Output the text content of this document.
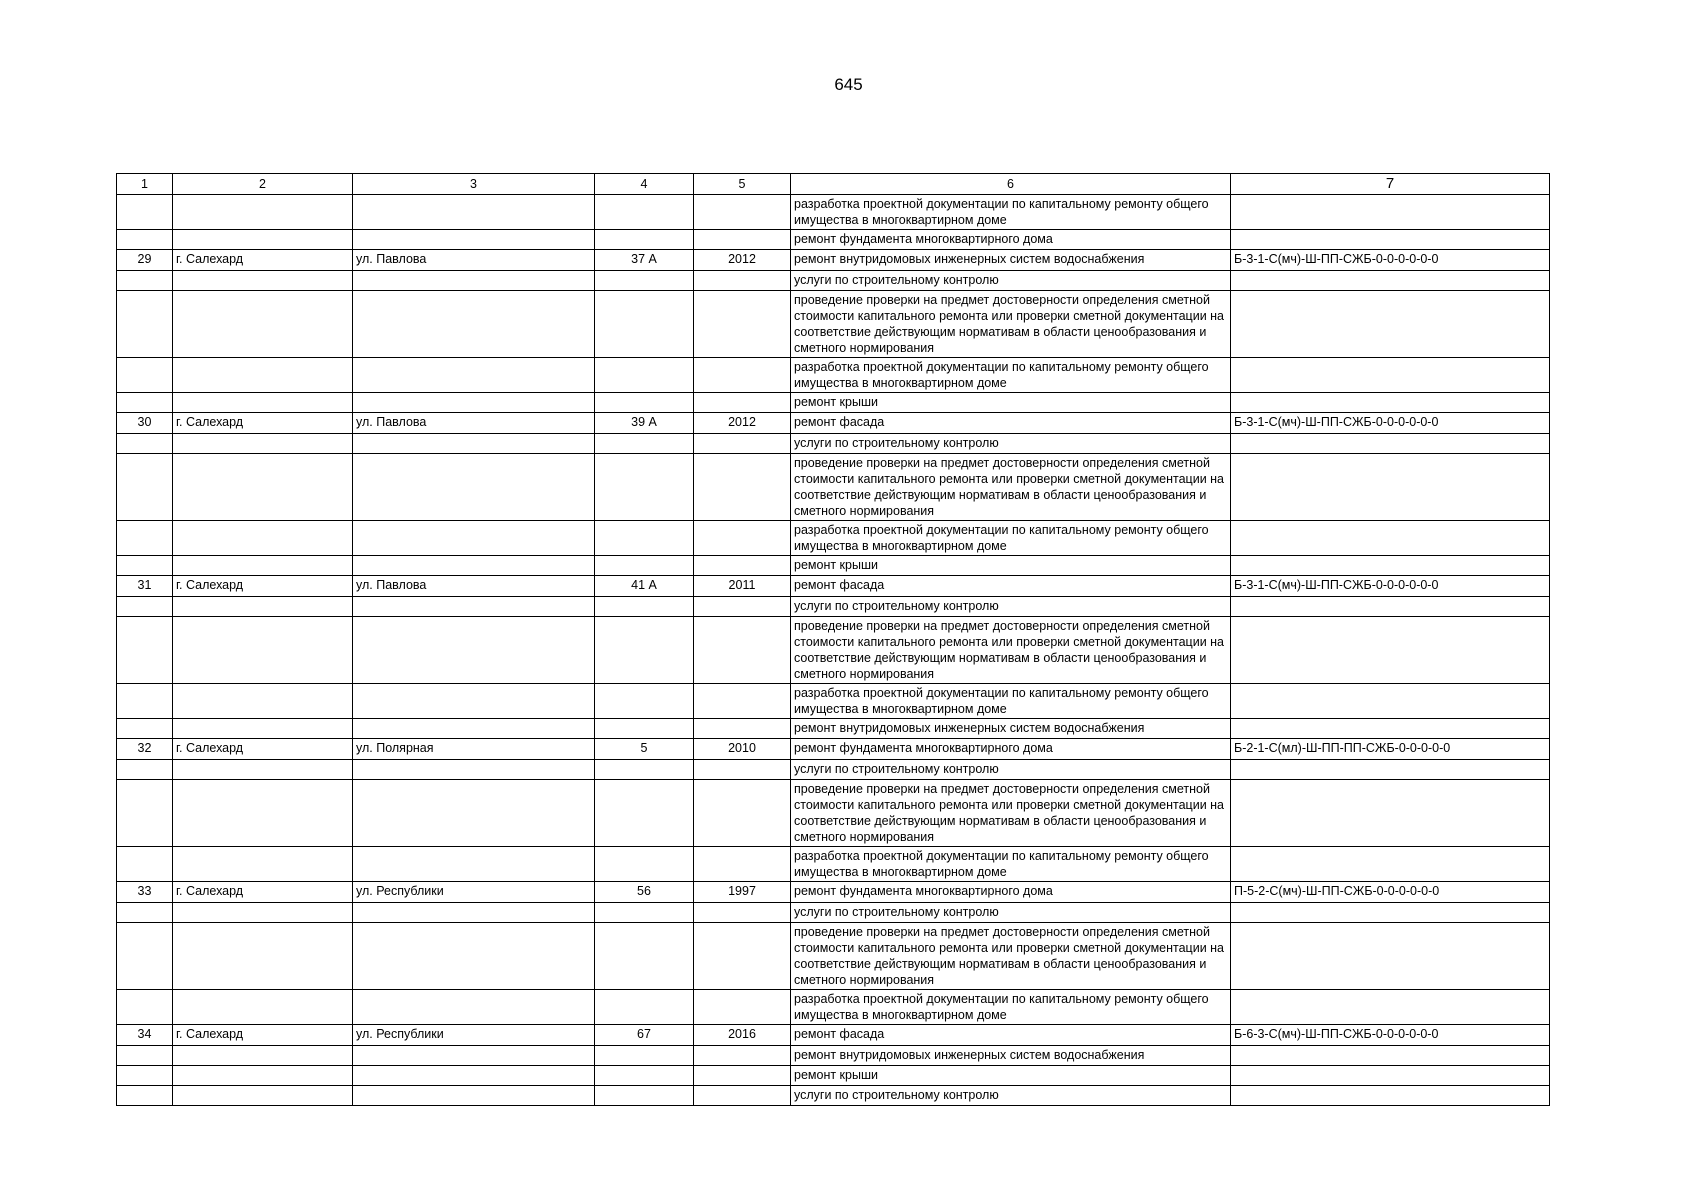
645
1	2	3	4	5	6	7
					разработка проектной документации по капитальному ремонту общего имущества в многоквартирном доме	
					ремонт фундамента многоквартирного дома	
29	г. Салехард	ул. Павлова	37 А	2012	ремонт внутридомовых инженерных систем водоснабжения	Б-3-1-С(мч)-Ш-ПП-СЖБ-0-0-0-0-0-0
					услуги по строительному контролю	
					проведение проверки на предмет достоверности определения сметной стоимости капитального ремонта или проверки сметной документации на соответствие действующим нормативам в области ценообразования и сметного нормирования	
					разработка проектной документации по капитальному ремонту общего имущества в многоквартирном доме	
					ремонт крыши	
30	г. Салехард	ул. Павлова	39 А	2012	ремонт фасада	Б-3-1-С(мч)-Ш-ПП-СЖБ-0-0-0-0-0-0
					услуги по строительному контролю	
					проведение проверки на предмет достоверности определения сметной стоимости капитального ремонта или проверки сметной документации на соответствие действующим нормативам в области ценообразования и сметного нормирования	
					разработка проектной документации по капитальному ремонту общего имущества в многоквартирном доме	
					ремонт крыши	
31	г. Салехард	ул. Павлова	41 А	2011	ремонт фасада	Б-3-1-С(мч)-Ш-ПП-СЖБ-0-0-0-0-0-0
					услуги по строительному контролю	
					проведение проверки на предмет достоверности определения сметной стоимости капитального ремонта или проверки сметной документации на соответствие действующим нормативам в области ценообразования и сметного нормирования	
					разработка проектной документации по капитальному ремонту общего имущества в многоквартирном доме	
					ремонт внутридомовых инженерных систем водоснабжения	
32	г. Салехард	ул. Полярная	5	2010	ремонт фундамента многоквартирного дома	Б-2-1-С(мл)-Ш-ПП-ПП-СЖБ-0-0-0-0-0
					услуги по строительному контролю	
					проведение проверки на предмет достоверности определения сметной стоимости капитального ремонта или проверки сметной документации на соответствие действующим нормативам в области ценообразования и сметного нормирования	
					разработка проектной документации по капитальному ремонту общего имущества в многоквартирном доме	
33	г. Салехард	ул. Республики	56	1997	ремонт фундамента многоквартирного дома	П-5-2-С(мч)-Ш-ПП-СЖБ-0-0-0-0-0-0
					услуги по строительному контролю	
					проведение проверки на предмет достоверности определения сметной стоимости капитального ремонта или проверки сметной документации на соответствие действующим нормативам в области ценообразования и сметного нормирования	
					разработка проектной документации по капитальному ремонту общего имущества в многоквартирном доме	
34	г. Салехард	ул. Республики	67	2016	ремонт фасада	Б-6-3-С(мч)-Ш-ПП-СЖБ-0-0-0-0-0-0
					ремонт внутридомовых инженерных систем водоснабжения	
					ремонт крыши	
					услуги по строительному контролю	
